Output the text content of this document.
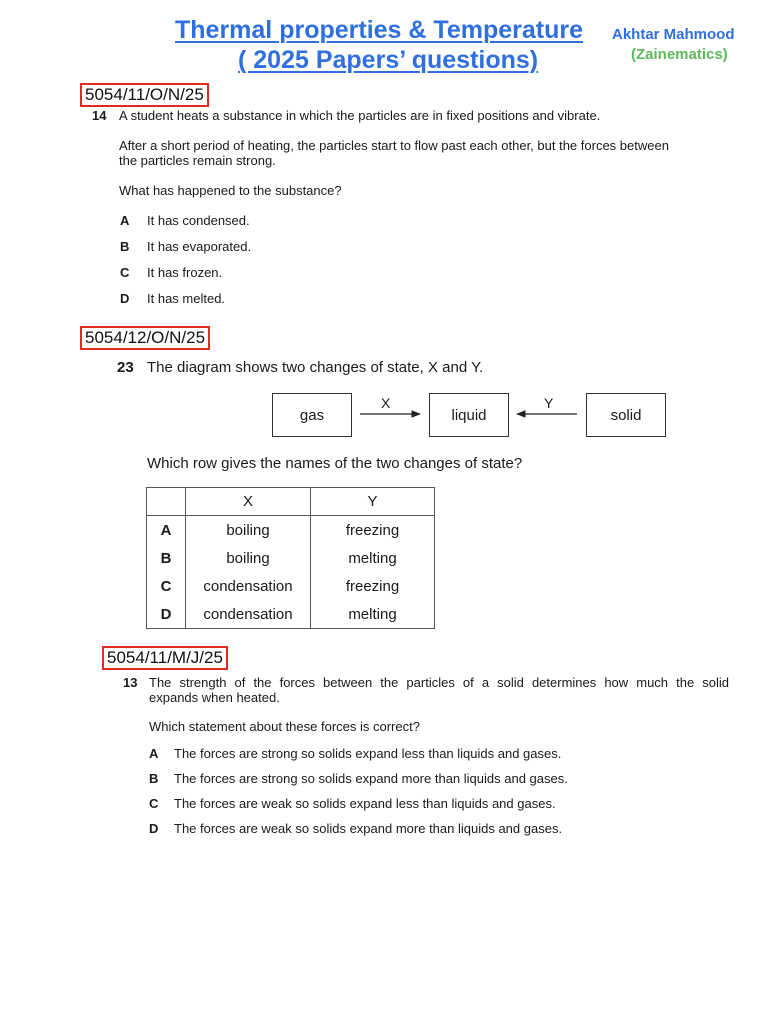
Thermal properties & Temperature
( 2025 Papers’ questions)
Akhtar Mahmood
(Zainematics)
5054/11/O/N/25
14 A student heats a substance in which the particles are in fixed positions and vibrate.
After a short period of heating, the particles start to flow past each other, but the forces between
the particles remain strong.
What has happened to the substance?
A It has condensed.
B It has evaporated.
C It has frozen.
D It has melted.
5054/12/O/N/25
23 The diagram shows two changes of state, X and Y.
gas	liquid	solid
X	Y
Which row gives the names of the two changes of state?
	X	Y
A	boiling	freezing
B	boiling	melting
C	condensation	freezing
D	condensation	melting
5054/11/M/J/25
13 The strength of the forces between the particles of a solid determines how much the solid
expands when heated.
Which statement about these forces is correct?
A The forces are strong so solids expand less than liquids and gases.
B The forces are strong so solids expand more than liquids and gases.
C The forces are weak so solids expand less than liquids and gases.
D The forces are weak so solids expand more than liquids and gases.
